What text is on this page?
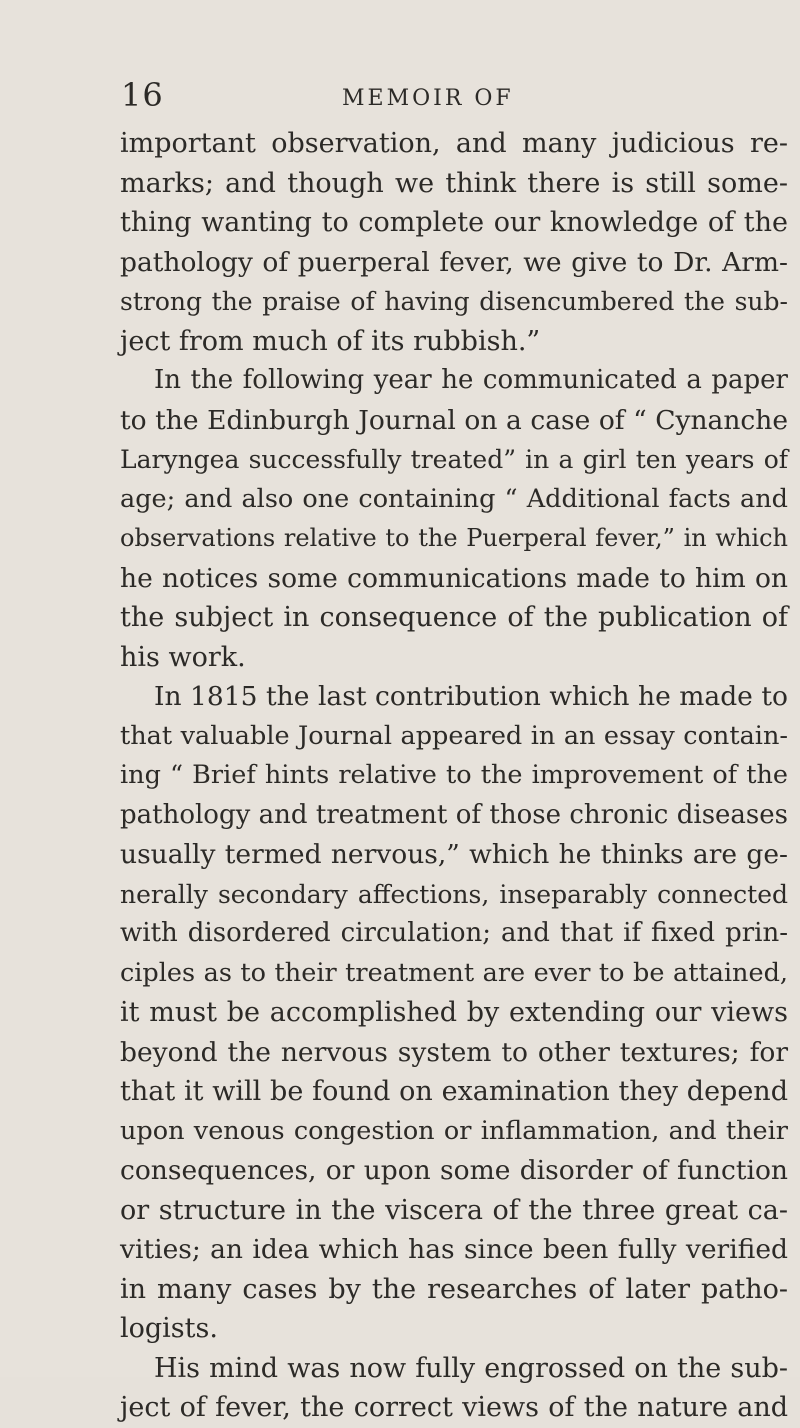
16	MEMOIR OF
important observation, and many judicious re-
marks; and though we think there is still some-
thing wanting to complete our knowledge of the
pathology of puerperal fever, we give to Dr. Arm-
strong the praise of having disencumbered the sub-
ject from much of its rubbish.”
In the following year he communicated a paper
to the Edinburgh Journal on a case of “ Cynanche
Laryngea successfully treated” in a girl ten years of
age; and also one containing “ Additional facts and
observations relative to the Puerperal fever,” in which
he notices some communications made to him on
the subject in consequence of the publication of
his work.
In 1815 the last contribution which he made to
that valuable Journal appeared in an essay contain-
ing “ Brief hints relative to the improvement of the
pathology and treatment of those chronic diseases
usually termed nervous,” which he thinks are ge-
nerally secondary affections, inseparably connected
with disordered circulation; and that if fixed prin-
ciples as to their treatment are ever to be attained,
it must be accomplished by extending our views
beyond the nervous system to other textures; for
that it will be found on examination they depend
upon venous congestion or inflammation, and their
consequences, or upon some disorder of function
or structure in the viscera of the three great ca-
vities; an idea which has since been fully verified
in many cases by the researches of later patho-
logists.
His mind was now fully engrossed on the sub-
ject of fever, the correct views of the nature and
